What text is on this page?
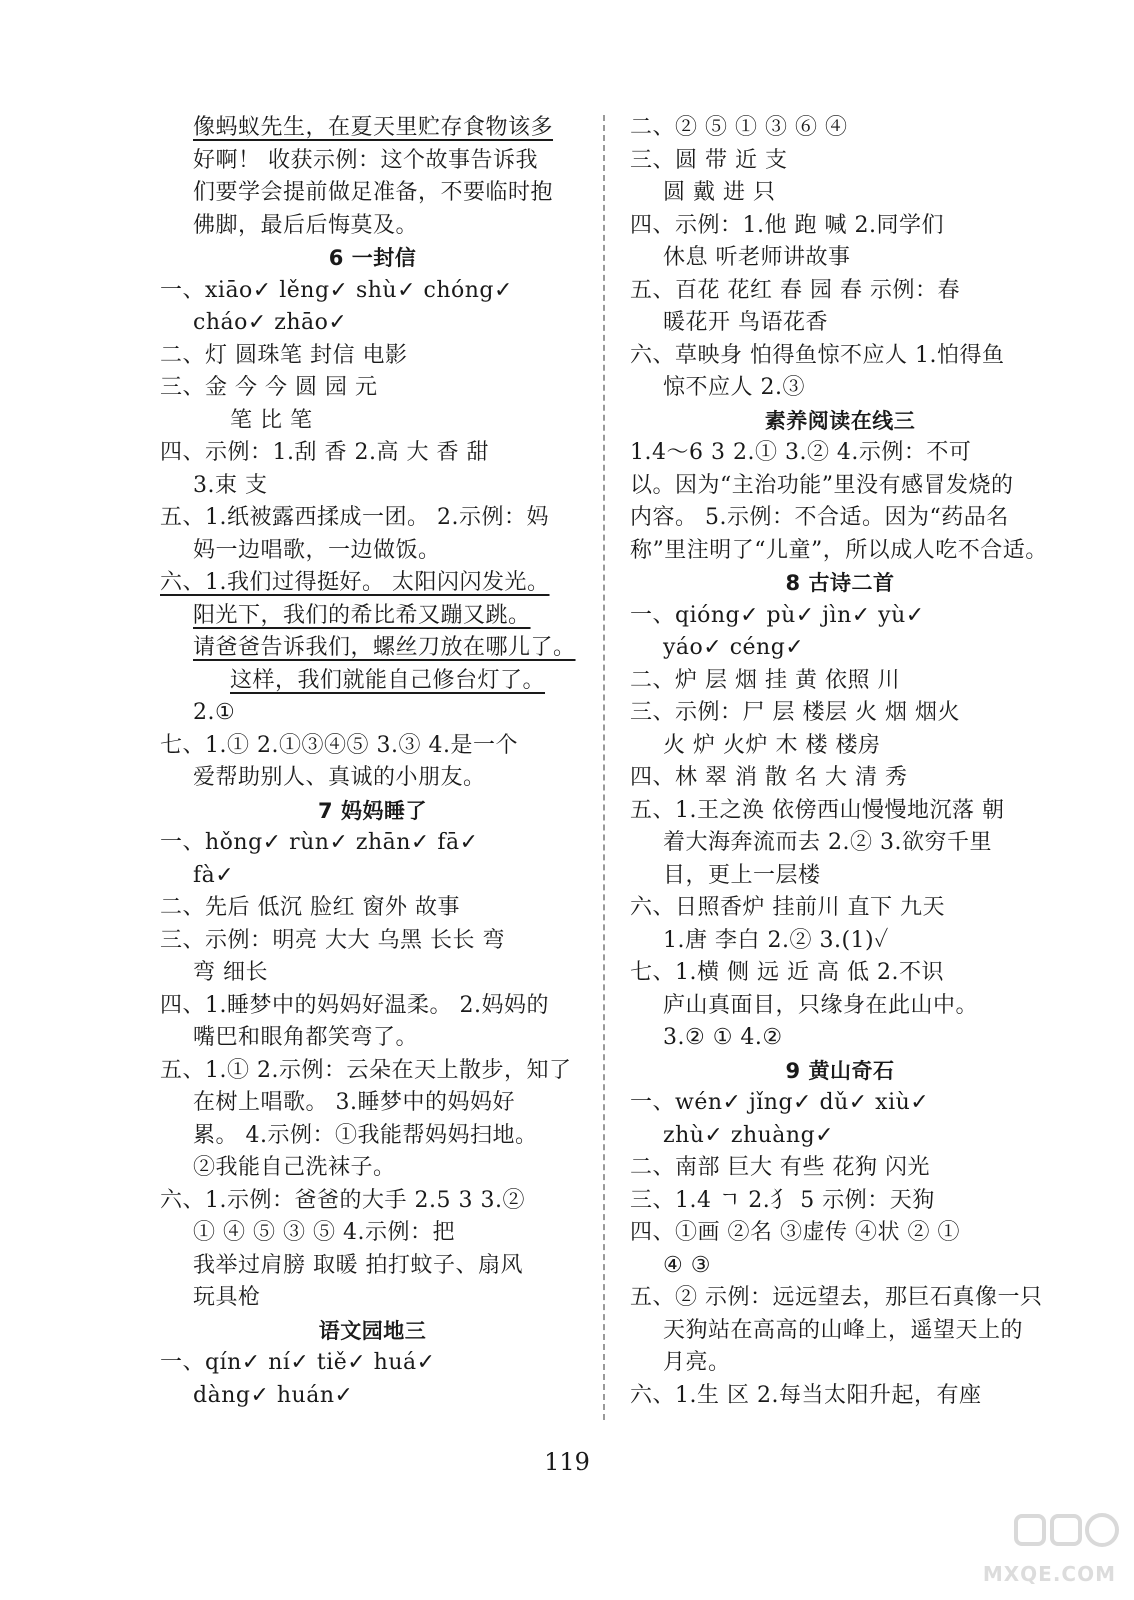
像蚂蚁先生，在夏天里贮存食物该多
好啊！ 收获示例：这个故事告诉我
们要学会提前做足准备，不要临时抱
佛脚，最后后悔莫及。
6 一封信
一、xiāo✓ lěng✓ shù✓ chóng✓
cháo✓ zhāo✓
二、灯 圆珠笔 封信 电影
三、金 今 今 圆 园 元
笔 比 笔
四、示例：1.刮 香 2.高 大 香 甜
3.束 支
五、1.纸被露西揉成一团。 2.示例：妈
妈一边唱歌，一边做饭。
六、1.我们过得挺好。 太阳闪闪发光。
阳光下，我们的希比希又蹦又跳。
请爸爸告诉我们，螺丝刀放在哪儿了。
这样，我们就能自己修台灯了。
2.①
七、1.① 2.①③④⑤ 3.③ 4.是一个
爱帮助别人、真诚的小朋友。
7 妈妈睡了
一、hǒng✓ rùn✓ zhān✓ fā✓
fà✓
二、先后 低沉 脸红 窗外 故事
三、示例：明亮 大大 乌黑 长长 弯
弯 细长
四、1.睡梦中的妈妈好温柔。 2.妈妈的
嘴巴和眼角都笑弯了。
五、1.① 2.示例：云朵在天上散步，知了
在树上唱歌。 3.睡梦中的妈妈好
累。 4.示例：①我能帮妈妈扫地。
②我能自己洗袜子。
六、1.示例：爸爸的大手 2.5 3 3.②
① ④ ⑤ ③ ⑤ 4.示例：把
我举过肩膀 取暖 拍打蚊子、扇风
玩具枪
语文园地三
一、qín✓ ní✓ tiě✓ huá✓
dàng✓ huán✓
二、② ⑤ ① ③ ⑥ ④
三、圆 带 近 支
圆 戴 进 只
四、示例：1.他 跑 喊 2.同学们
休息 听老师讲故事
五、百花 花红 春 园 春 示例：春
暖花开 鸟语花香
六、草映身 怕得鱼惊不应人 1.怕得鱼
惊不应人 2.③
素养阅读在线三
1.4～6 3 2.① 3.② 4.示例：不可
以。因为“主治功能”里没有感冒发烧的
内容。 5.示例：不合适。因为“药品名
称”里注明了“儿童”，所以成人吃不合适。
8 古诗二首
一、qióng✓ pù✓ jìn✓ yù✓
yáo✓ céng✓
二、炉 层 烟 挂 黄 依照 川
三、示例：尸 层 楼层 火 烟 烟火
火 炉 火炉 木 楼 楼房
四、林 翠 消 散 名 大 清 秀
五、1.王之涣 依傍西山慢慢地沉落 朝
着大海奔流而去 2.② 3.欲穷千里
目，更上一层楼
六、日照香炉 挂前川 直下 九天
1.唐 李白 2.② 3.(1)✓
七、1.横 侧 远 近 高 低 2.不识
庐山真面目，只缘身在此山中。
3.② ① 4.②
9 黄山奇石
一、wén✓ jǐng✓ dǔ✓ xiù✓
zhù✓ zhuàng✓
二、南部 巨大 有些 花狗 闪光
三、1.4 ㄱ 2.犭 5 示例：天狗
四、①画 ②名 ③虚传 ④状 ② ①
④ ③
五、② 示例：远远望去，那巨石真像一只
天狗站在高高的山峰上，遥望天上的
月亮。
六、1.生 区 2.每当太阳升起，有座
119
MXQE.COM
